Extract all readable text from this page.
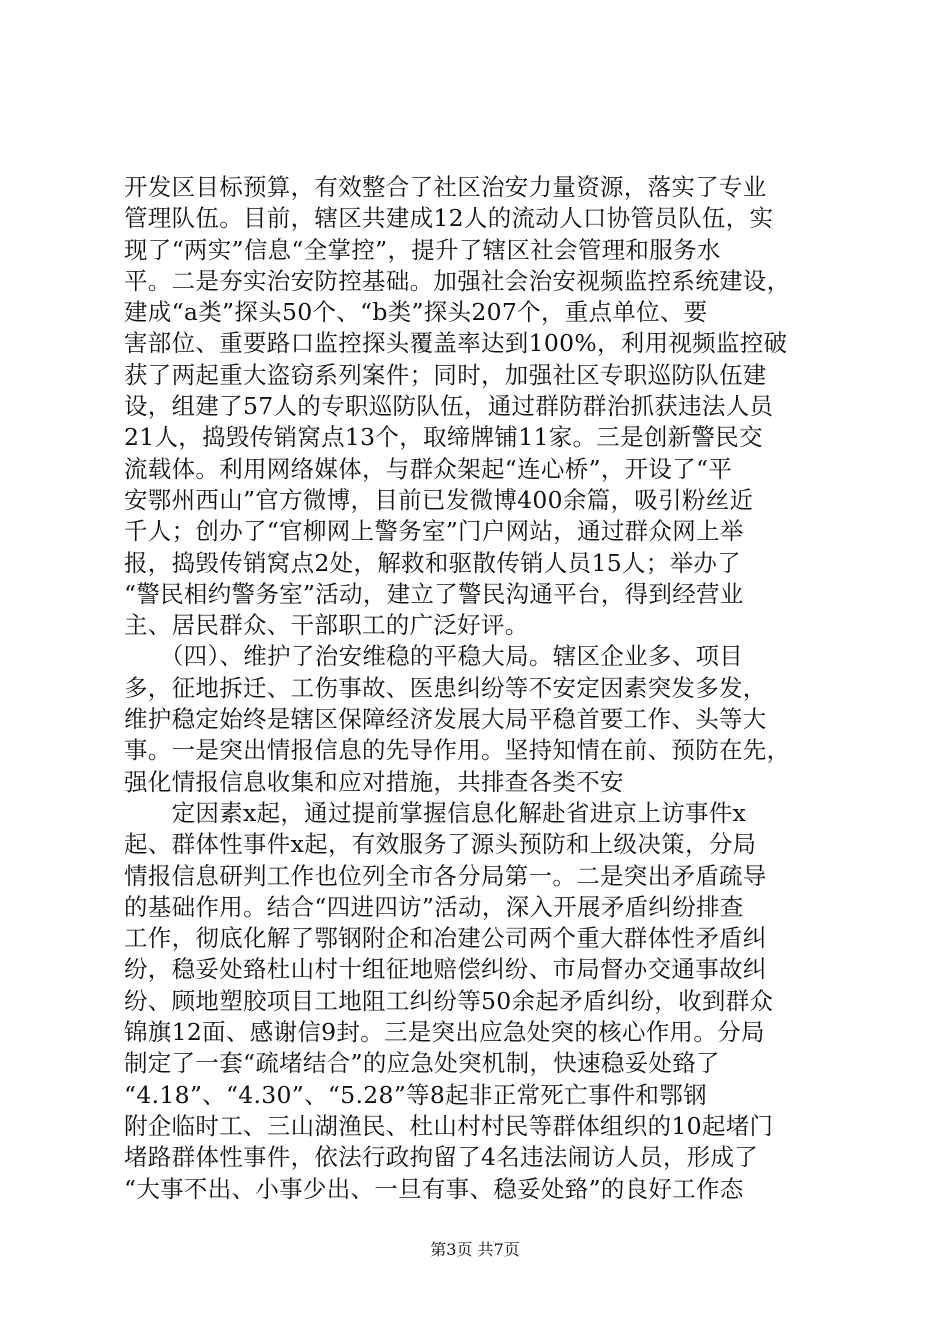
开发区目标预算，有效整合了社区治安力量资源，落实了专业
管理队伍。目前，辖区共建成12人的流动人口协管员队伍，实
现了“两实”信息“全掌控”，提升了辖区社会管理和服务水
平。二是夯实治安防控基础。加强社会治安视频监控系统建设，
建成“a类”探头50个、“b类”探头207个，重点单位、要
害部位、重要路口监控探头覆盖率达到100%，利用视频监控破
获了两起重大盗窃系列案件；同时，加强社区专职巡防队伍建
设，组建了57人的专职巡防队伍，通过群防群治抓获违法人员
21人，捣毁传销窝点13个，取缔牌铺11家。三是创新警民交
流载体。利用网络媒体，与群众架起“连心桥”，开设了“平
安鄂州西山”官方微博，目前已发微博400余篇，吸引粉丝近
千人；创办了“官柳网上警务室”门户网站，通过群众网上举
报，捣毁传销窝点2处，解救和驱散传销人员15人；举办了
“警民相约警务室”活动，建立了警民沟通平台，得到经营业
主、居民群众、干部职工的广泛好评。
　　（四）、维护了治安维稳的平稳大局。辖区企业多、项目
多，征地拆迁、工伤事故、医患纠纷等不安定因素突发多发，
维护稳定始终是辖区保障经济发展大局平稳首要工作、头等大
事。一是突出情报信息的先导作用。坚持知情在前、预防在先，
强化情报信息收集和应对措施，共排查各类不安
　　定因素x起，通过提前掌握信息化解赴省进京上访事件x
起、群体性事件x起，有效服务了源头预防和上级决策，分局
情报信息研判工作也位列全市各分局第一。二是突出矛盾疏导
的基础作用。结合“四进四访”活动，深入开展矛盾纠纷排查
工作，彻底化解了鄂钢附企和冶建公司两个重大群体性矛盾纠
纷，稳妥处臵杜山村十组征地赔偿纠纷、市局督办交通事故纠
纷、顾地塑胶项目工地阻工纠纷等50余起矛盾纠纷，收到群众
锦旗12面、感谢信9封。三是突出应急处突的核心作用。分局
制定了一套“疏堵结合”的应急处突机制，快速稳妥处臵了
“4.18”、“4.30”、“5.28”等8起非正常死亡事件和鄂钢
附企临时工、三山湖渔民、杜山村村民等群体组织的10起堵门
堵路群体性事件，依法行政拘留了4名违法闹访人员，形成了
“大事不出、小事少出、一旦有事、稳妥处臵”的良好工作态
第3页 共7页
